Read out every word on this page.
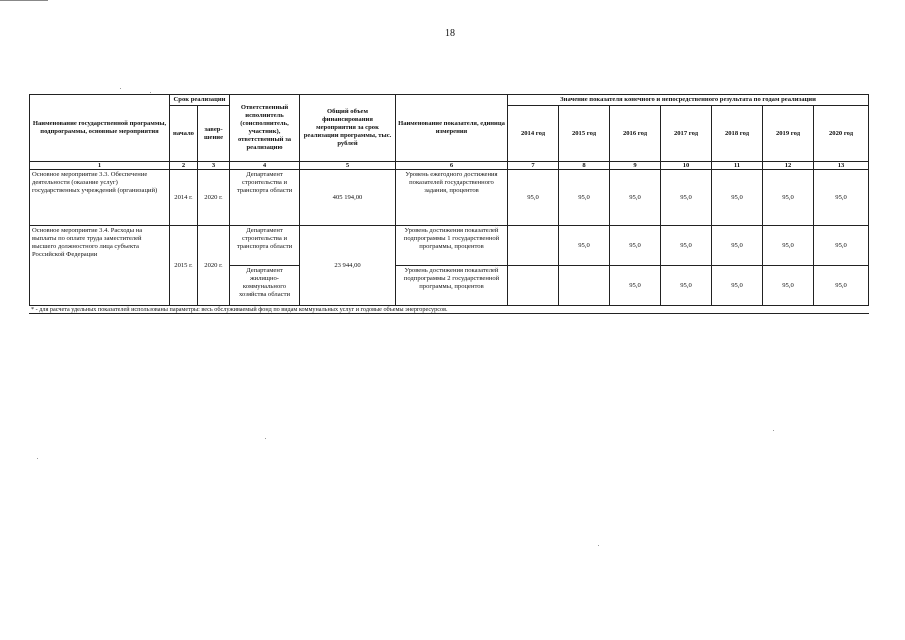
18
Наименование государственной программы, подпрограммы, основные мероприятия	Срок реализации		Ответственный исполнитель (соисполнитель, участник), ответственный за реализацию	Общий объем финансирования мероприятия за срок реализации программы, тыс. рублей	Наименование показателя, единица измерения	Значение показателя конечного и непосредственного результата по годам реализации						
	начало	завер-шение				2014 год	2015 год	2016 год	2017 год	2018 год	2019 год	2020 год
1	2	3	4	5	6	7	8	9	10	11	12	13
Основное мероприятие 3.3. Обеспечение деятельности (оказание услуг) государственных учреждений (организаций)	2014 г.	2020 г.	Департамент строительства и транспорта области	405 194,00	Уровень ежегодного достижения показателей государственного задания, процентов	95,0	95,0	95,0	95,0	95,0	95,0	95,0
Основное мероприятие 3.4. Расходы на выплаты по оплате труда заместителей высшего должностного лица субъекта Российской Федерации	2015 г.	2020 г.	Департамент строительства и транспорта области	23 944,00	Уровень достижения показателей подпрограммы 1 государственной программы, процентов		95,0	95,0	95,0	95,0	95,0	95,0
			Департамент жилищно-коммунального хозяйства области		Уровень достижения показателей подпрограммы 2 государственной программы, процентов			95,0	95,0	95,0	95,0	95,0
* - для расчета удельных показателей использованы параметры: весь обслуживаемый фонд по видам коммунальных услуг и годовые объемы энергоресурсов.
